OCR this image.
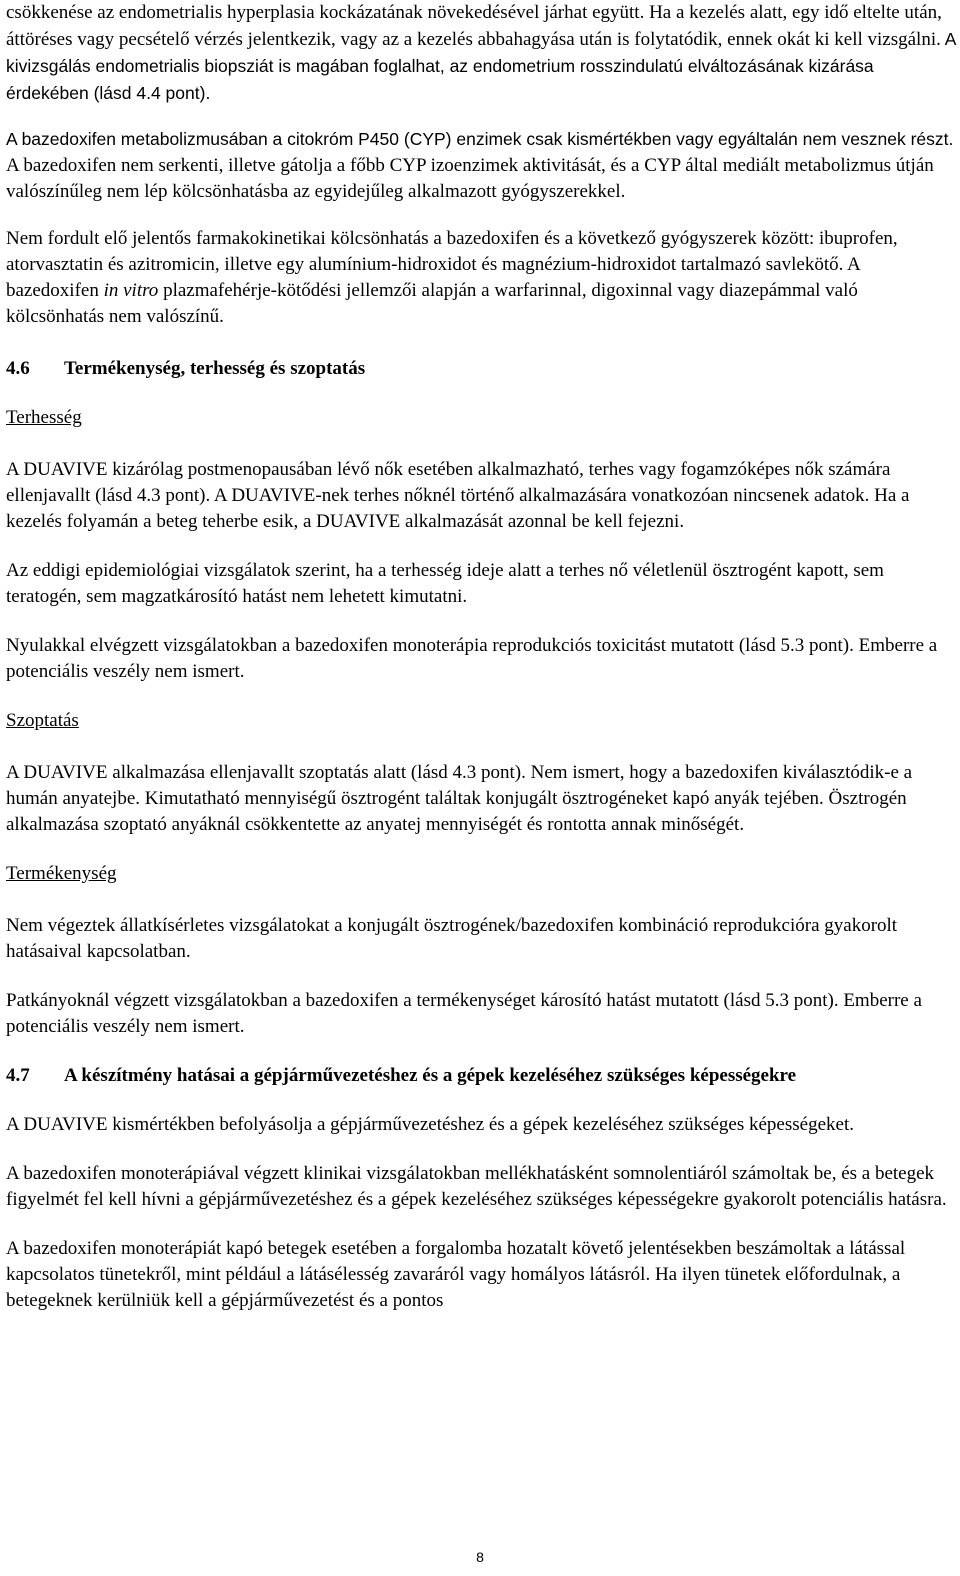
csökkenése az endometrialis hyperplasia kockázatának növekedésével járhat együtt. Ha a kezelés alatt, egy idő eltelte után, áttöréses vagy pecsételő vérzés jelentkezik, vagy az a kezelés abbahagyása után is folytatódik, ennek okát ki kell vizsgálni. A kivizsgálás endometrialis biopsziát is magában foglalhat, az endometrium rosszindulatú elváltozásának kizárása érdekében (lásd 4.4 pont).

A bazedoxifen metabolizmusában a citokróm P450 (CYP) enzimek csak kismértékben vagy egyáltalán nem vesznek részt. A bazedoxifen nem serkenti, illetve gátolja a főbb CYP izoenzimek aktivitását, és a CYP által mediált metabolizmus útján valószínűleg nem lép kölcsönhatásba az egyidejűleg alkalmazott gyógyszerekkel.

Nem fordult elő jelentős farmakokinetikai kölcsönhatás a bazedoxifen és a következő gyógyszerek között: ibuprofen, atorvasztatin és azitromicin, illetve egy alumínium-hidroxidot és magnézium-hidroxidot tartalmazó savlekötő. A bazedoxifen in vitro plazmafehérje-kötődési jellemzői alapján a warfarinnal, digoxinnal vagy diazepámmal való kölcsönhatás nem valószínű.

4.6 Termékenység, terhesség és szoptatás
Terhesség

A DUAVIVE kizárólag postmenopausában lévő nők esetében alkalmazható, terhes vagy fogamzóképes nők számára ellenjavallt (lásd 4.3 pont). A DUAVIVE-nek terhes nőknél történő alkalmazására vonatkozóan nincsenek adatok. Ha a kezelés folyamán a beteg teherbe esik, a DUAVIVE alkalmazását azonnal be kell fejezni.

Az eddigi epidemiológiai vizsgálatok szerint, ha a terhesség ideje alatt a terhes nő véletlenül ösztrogént kapott, sem teratogén, sem magzatkárosító hatást nem lehetett kimutatni.

Nyulakkal elvégzett vizsgálatokban a bazedoxifen monoterápia reprodukciós toxicitást mutatott (lásd 5.3 pont). Emberre a potenciális veszély nem ismert.

Szoptatás

A DUAVIVE alkalmazása ellenjavallt szoptatás alatt (lásd 4.3 pont). Nem ismert, hogy a bazedoxifen kiválasztódik-e a humán anyatejbe. Kimutatható mennyiségű ösztrogént találtak konjugált ösztrogéneket kapó anyák tejében. Ösztrogén alkalmazása szoptató anyáknál csökkentette az anyatej mennyiségét és rontotta annak minőségét.

Termékenység

Nem végeztek állatkísérletes vizsgálatokat a konjugált ösztrogének/bazedoxifen kombináció reprodukcióra gyakorolt hatásaival kapcsolatban.

Patkányoknál végzett vizsgálatokban a bazedoxifen a termékenységet károsító hatást mutatott (lásd 5.3 pont). Emberre a potenciális veszély nem ismert.

4.7 A készítmény hatásai a gépjárművezetéshez és a gépek kezeléséhez szükséges képességekre

A DUAVIVE kismértékben befolyásolja a gépjárművezetéshez és a gépek kezeléséhez szükséges képességeket.

A bazedoxifen monoterápiával végzett klinikai vizsgálatokban mellékhatásként somnolentiáról számoltak be, és a betegek figyelmét fel kell hívni a gépjárművezetéshez és a gépek kezeléséhez szükséges képességekre gyakorolt potenciális hatásra.

A bazedoxifen monoterápiát kapó betegek esetében a forgalomba hozatalt követő jelentésekben beszámoltak a látással kapcsolatos tünetekről, mint például a látásélesség zavaráról vagy homályos látásról. Ha ilyen tünetek előfordulnak, a betegeknek kerülniük kell a gépjárművezetést és a pontos

8
